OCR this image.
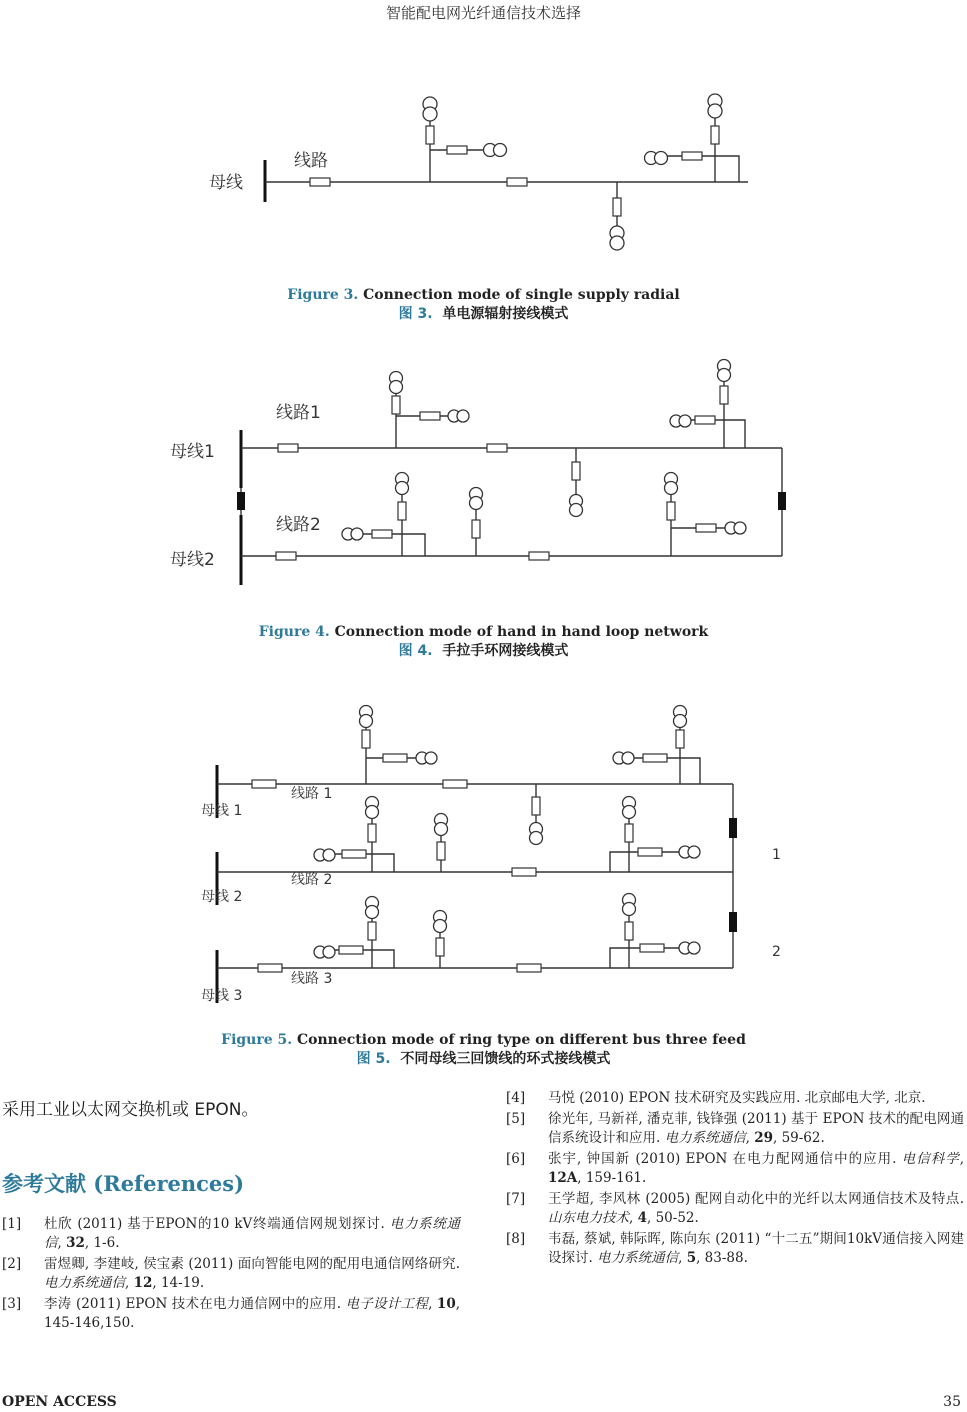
智能配电网光纤通信技术选择
母线
线路
Figure 3. Connection mode of single supply radial
图 3. 单电源辐射接线模式
母线1
母线2
线路1
线路2
Figure 4. Connection mode of hand in hand loop network
图 4. 手拉手环网接线模式
母线 1
母线 2
母线 3
线路 1
线路 2
线路 3
1
2
Figure 5. Connection mode of ring type on different bus three feed
图 5. 不同母线三回馈线的环式接线模式
采用工业以太网交换机或 EPON。
参考文献 (References)
[1]	杜欣 (2011) 基于EPON的10 kV终端通信网规划探讨. 电力系统通信, 32, 1-6.
[2]	雷煜卿, 李建岐, 侯宝素 (2011) 面向智能电网的配用电通信网络研究. 电力系统通信, 12, 14-19.
[3]	李涛 (2011) EPON 技术在电力通信网中的应用. 电子设计工程, 10, 145-146,150.
[4]	马悦 (2010) EPON 技术研究及实践应用. 北京邮电大学, 北京.
[5]	徐光年, 马新祥, 潘克菲, 钱锋强 (2011) 基于 EPON 技术的配电网通信系统设计和应用. 电力系统通信, 29, 59-62.
[6]	张宇, 钟国新 (2010) EPON 在电力配网通信中的应用. 电信科学, 12A, 159-161.
[7]	王学超, 李风林 (2005) 配网自动化中的光纤以太网通信技术及特点. 山东电力技术, 4, 50-52.
[8]	韦磊, 蔡斌, 韩际晖, 陈向东 (2011) “十二五”期间10kV通信接入网建设探讨. 电力系统通信, 5, 83-88.
OPEN ACCESS	35
